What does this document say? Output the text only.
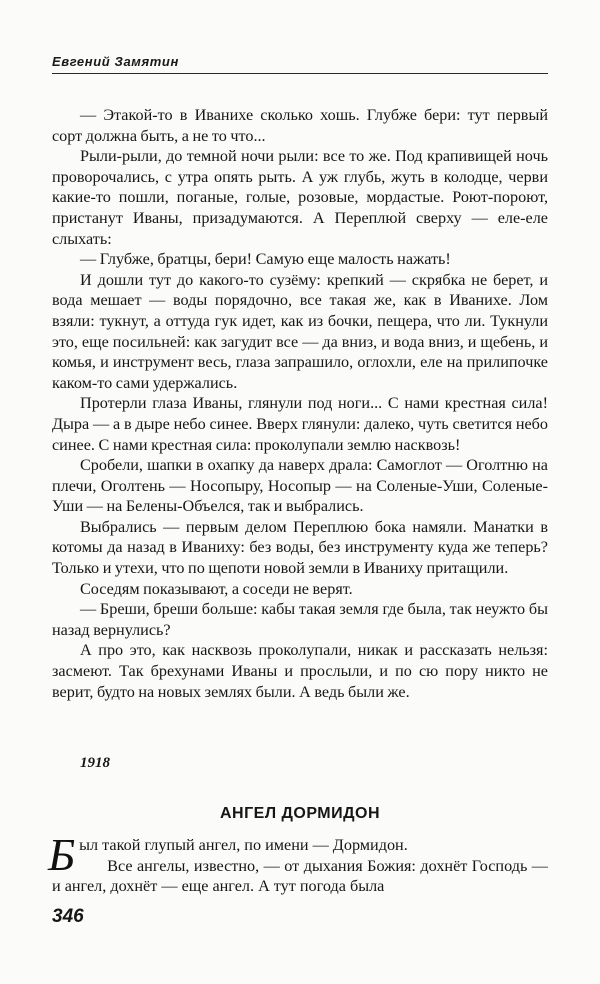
Евгений Замятин

— Этакой-то в Иванихе сколько хошь. Глубже бери: тут первый сорт должна быть, а не то что...

Рыли-рыли, до темной ночи рыли: все то же. Под крапивищей ночь проворочались, с утра опять рыть. А уж глубь, жуть в колодце, черви какие-то пошли, поганые, голые, розовые, мордастые. Роют-пороют, пристанут Иваны, призадумаются. А Переплюй сверху — еле-еле слыхать:

— Глубже, братцы, бери! Самую еще малость нажать!

И дошли тут до какого-то сузёму: крепкий — скрябка не берет, и вода мешает — воды порядочно, все такая же, как в Иванихе. Лом взяли: тукнут, а оттуда гук идет, как из бочки, пещера, что ли. Тукнули это, еще посильней: как загудит все — да вниз, и вода вниз, и щебень, и комья, и инструмент весь, глаза запрашило, оглохли, еле на прилипочке каком-то сами удержались.

Протерли глаза Иваны, глянули под ноги... С нами крестная сила! Дыра — а в дыре небо синее. Вверх глянули: далеко, чуть светится небо синее. С нами крестная сила: проколупали землю насквозь!

Сробели, шапки в охапку да наверх драла: Самоглот — Оголтню на плечи, Оголтень — Носопыру, Носопыр — на Соленые-Уши, Соленые-Уши — на Белены-Объелся, так и выбрались.

Выбрались — первым делом Переплюю бока намяли. Манатки в котомы да назад в Иваниху: без воды, без инструменту куда же теперь? Только и утехи, что по щепоти новой земли в Иваниху притащили.

Соседям показывают, а соседи не верят.

— Бреши, бреши больше: кабы такая земля где была, так неужто бы назад вернулись?

А про это, как насквозь проколупали, никак и рассказать нельзя: засмеют. Так брехунами Иваны и прослыли, и по сю пору никто не верит, будто на новых землях были. А ведь были же.

1918
АНГЕЛ ДОРМИДОН

Был такой глупый ангел, по имени — Дормидон.

Все ангелы, известно, — от дыхания Божия: дохнёт Господь — и ангел, дохнёт — еще ангел. А тут погода была

346
